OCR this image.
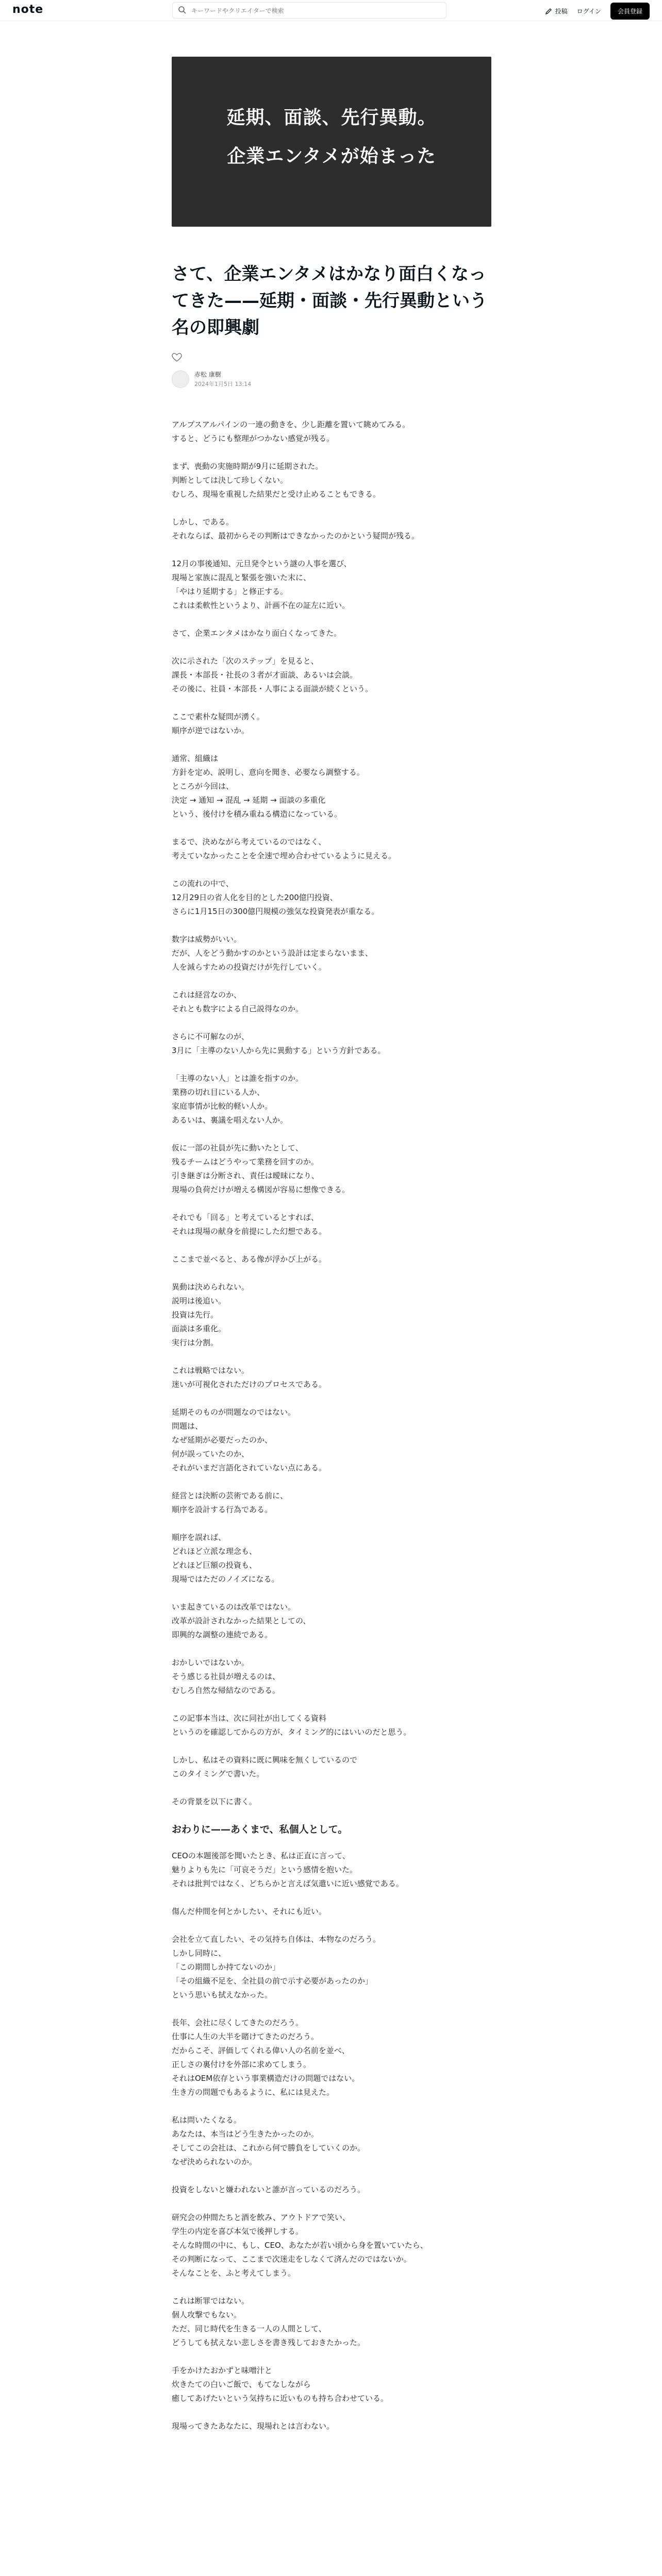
note
キーワードやクリエイターで検索	投稿 ログイン	会員登録
延期、面談、先行異動。
企業エンタメが始まった
さて、企業エンタメはかなり面白くなってきた——延期・面談・先行異動という名の即興劇
赤松 康樹
2024年1月5日 13:14

アルプスアルパインの一連の動きを、少し距離を置いて眺めてみる。
すると、どうにも整理がつかない感覚が残る。

まず、喪動の実施時期が9月に延期された。
判断としては決して珍しくない。
むしろ、現場を重視した結果だと受け止めることもできる。

しかし、である。
それならば、最初からその判断はできなかったのかという疑問が残る。

12月の事後通知、元旦発令という謎の人事を選び、
現場と家族に混乱と緊張を強いた末に、
「やはり延期する」と修正する。
これは柔軟性というより、計画不在の証左に近い。

さて、企業エンタメはかなり面白くなってきた。

次に示された「次のステップ」を見ると、
課長・本部長・社長の３者が才面談、あるいは会談。
その後に、社員・本部長・人事による面談が続くという。

ここで素朴な疑問が湧く。
順序が逆ではないか。

通常、組織は
方針を定め、説明し、意向を聞き、必要なら調整する。
ところが今回は、
決定 → 通知 → 混乱 → 延期 → 面談の多重化
という、後付けを積み重ねる構造になっている。

まるで、決めながら考えているのではなく、
考えていなかったことを全速で埋め合わせているように見える。

この流れの中で、
12月29日の省人化を目的とした200億円投資、
さらに1月15日の300億円規模の強気な投資発表が重なる。

数字は威勢がいい。
だが、人をどう動かすのかという設計は定まらないまま、
人を減らすための投資だけが先行していく。

これは経営なのか、
それとも数字による自己説得なのか。

さらに不可解なのが、
3月に「主導のない人から先に異動する」という方針である。

「主導のない人」とは誰を指すのか。
業務の切れ目にいる人か、
家庭事情が比較的軽い人か。
あるいは、裏議を唱えない人か。

仮に一部の社員が先に動いたとして、
残るチームはどうやって業務を回すのか。
引き継ぎは分断され、責任は曖昧になり、
現場の負荷だけが増える構図が容易に想像できる。

それでも「回る」と考えているとすれば、
それは現場の献身を前提にした幻想である。

ここまで並べると、ある像が浮かび上がる。

異動は決められない。
説明は後追い。
投資は先行。
面談は多重化。
実行は分割。

これは戦略ではない。
迷いが可視化されただけのプロセスである。

延期そのものが問題なのではない。
問題は、
なぜ延期が必要だったのか、
何が誤っていたのか、
それがいまだ言語化されていない点にある。

経営とは決断の芸術である前に、
順序を設計する行為である。

順序を誤れば、
どれほど立派な理念も、
どれほど巨額の投資も、
現場ではただのノイズになる。

いま起きているのは改革ではない。
改革が設計されなかった結果としての、
即興的な調整の連続である。

おかしいではないか。
そう感じる社員が増えるのは、
むしろ自然な帰結なのである。

この記事本当は、次に同社が出してくる資料
というのを確認してからの方が、タイミング的にはいいのだと思う。

しかし、私はその資料に既に興味を無くしているので
このタイミングで書いた。

その背景を以下に書く。

おわりに——あくまで、私個人として。

CEOの本題後部を聞いたとき、私は正直に言って、
魅りよりも先に「可哀そうだ」という感情を抱いた。
それは批判ではなく、どちらかと言えば気遣いに近い感覚である。

傷んだ仲間を何とかしたい、それにも近い。

会社を立て直したい、その気持ち自体は、本物なのだろう。
しかし同時に、
「この期間しか持てないのか」
「その組織不足を、全社員の前で示す必要があったのか」
という思いも拭えなかった。

長年、会社に尽くしてきたのだろう。
仕事に人生の大半を賭けてきたのだろう。
だからこそ、評価してくれる偉い人の名前を並べ、
正しさの裏付けを外部に求めてしまう。
それはOEM依存という事業構造だけの問題ではない。
生き方の問題でもあるように、私には見えた。

私は問いたくなる。
あなたは、本当はどう生きたかったのか。
そしてこの会社は、これから何で勝負をしていくのか。
なぜ決められないのか。

投資をしないと嫌われないと誰が言っているのだろう。

研究会の仲間たちと酒を飲み、アウトドアで笑い、
学生の内定を喜び本気で後押しする。
そんな時間の中に、もし、CEO、あなたが若い頃から身を置いていたら、
その判断になって、ここまで次迷走をしなくて済んだのではないか。
そんなことを、ふと考えてしまう。

これは断罪ではない。
個人攻撃でもない。
ただ、同じ時代を生きる一人の人間として、
どうしても拭えない悲しさを書き残しておきたかった。

手をかけたおかずと味噌汁と
炊きたての白いご飯で、もてなしながら
癒してあげたいという気持ちに近いものも持ち合わせている。

現場ってきたあなたに、現場れとは言わない。
